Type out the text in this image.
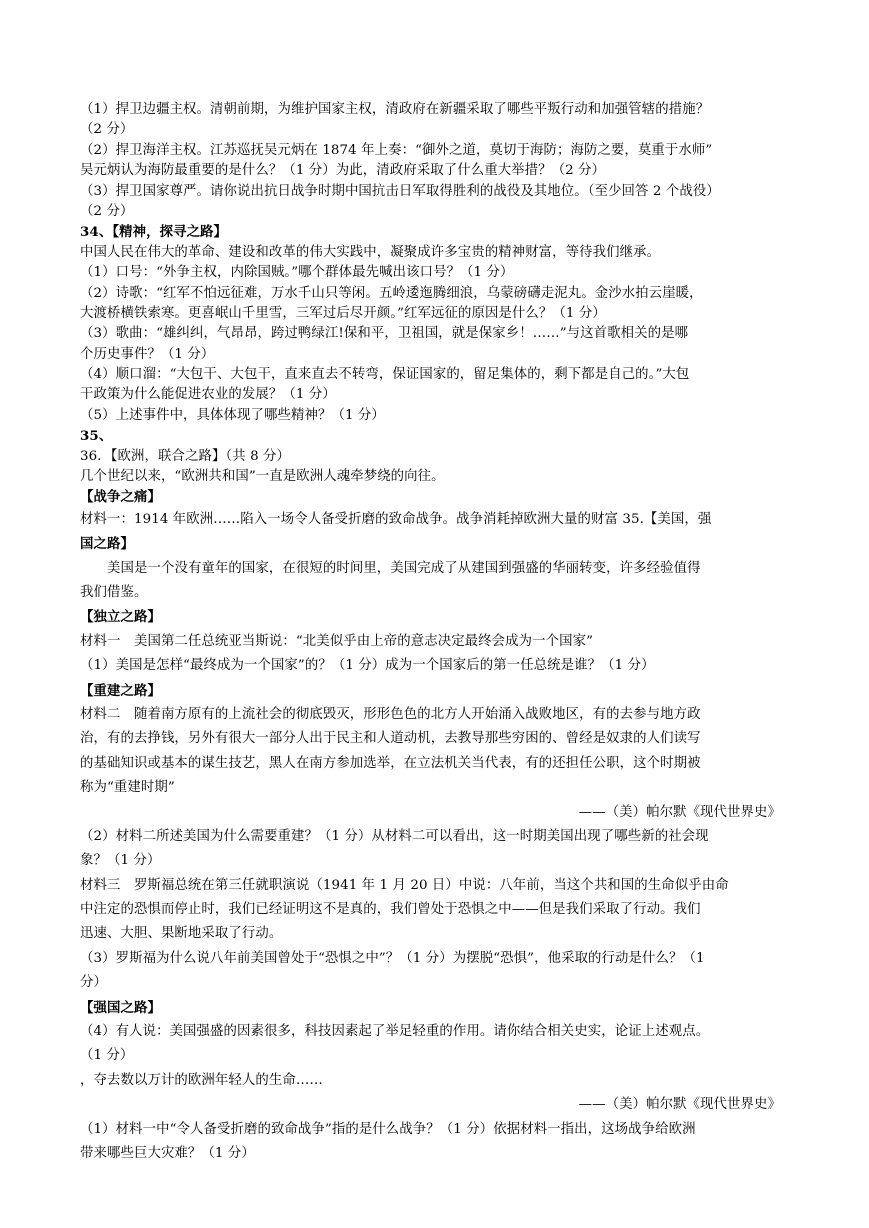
（1）捍卫边疆主权。清朝前期，为维护国家主权，清政府在新疆采取了哪些平叛行动和加强管辖的措施？
（2 分）
（2）捍卫海洋主权。江苏巡抚吴元炳在 1874 年上奏：“御外之道，莫切于海防；海防之要，莫重于水师”
吴元炳认为海防最重要的是什么？（1 分）为此，清政府采取了什么重大举措？（2 分）
（3）捍卫国家尊严。请你说出抗日战争时期中国抗击日军取得胜利的战役及其地位。（至少回答 2 个战役）
（2 分）
34、【精神，探寻之路】
中国人民在伟大的革命、建设和改革的伟大实践中，凝聚成许多宝贵的精神财富，等待我们继承。
（1）口号：“外争主权，内除国贼。”哪个群体最先喊出该口号？（1 分）
（2）诗歌：“红军不怕远征难，万水千山只等闲。五岭逶迤腾细浪，乌蒙磅礴走泥丸。金沙水拍云崖暖，
大渡桥横铁索寒。更喜岷山千里雪，三军过后尽开颜。”红军远征的原因是什么？（1 分）
（3）歌曲：“雄纠纠，气昂昂，跨过鸭绿江!保和平，卫祖国，就是保家乡！……”与这首歌相关的是哪
个历史事件？（1 分）
（4）顺口溜：“大包干、大包干，直来直去不转弯，保证国家的，留足集体的，剩下都是自己的。”大包
干政策为什么能促进农业的发展？（1 分）
（5）上述事件中，具体体现了哪些精神？（1 分）
35、
36．【欧洲，联合之路】（共 8 分）
几个世纪以来，“欧洲共和国”一直是欧洲人魂牵梦绕的向往。
【战争之痛】
材料一：1914 年欧洲……陷入一场令人备受折磨的致命战争。战争消耗掉欧洲大量的财富 35.【美国，强
国之路】
美国是一个没有童年的国家，在很短的时间里，美国完成了从建国到强盛的华丽转变，许多经验值得
我们借鉴。
【独立之路】
材料一　美国第二任总统亚当斯说：“北美似乎由上帝的意志决定最终会成为一个国家”
（1）美国是怎样“最终成为一个国家”的？（1 分）成为一个国家后的第一任总统是谁？（1 分）
【重建之路】
材料二　随着南方原有的上流社会的彻底毁灭，形形色色的北方人开始涌入战败地区，有的去参与地方政
治，有的去挣钱，另外有很大一部分人出于民主和人道动机，去教导那些穷困的、曾经是奴隶的人们读写
的基础知识或基本的谋生技艺，黑人在南方参加选举，在立法机关当代表，有的还担任公职，这个时期被
称为“重建时期”
——（美）帕尔默《现代世界史》
（2）材料二所述美国为什么需要重建？（1 分）从材料二可以看出，这一时期美国出现了哪些新的社会现
象？（1 分）
材料三　罗斯福总统在第三任就职演说（1941 年 1 月 20 日）中说：八年前，当这个共和国的生命似乎由命
中注定的恐惧而停止时，我们已经证明这不是真的，我们曾处于恐惧之中——但是我们采取了行动。我们
迅速、大胆、果断地采取了行动。
（3）罗斯福为什么说八年前美国曾处于“恐惧之中”？（1 分）为摆脱“恐惧”，他采取的行动是什么？（1
分）
【强国之路】
（4）有人说：美国强盛的因素很多，科技因素起了举足轻重的作用。请你结合相关史实，论证上述观点。
（1 分）
，夺去数以万计的欧洲年轻人的生命……
——（美）帕尔默《现代世界史》
（1）材料一中“令人备受折磨的致命战争”指的是什么战争？（1 分）依据材料一指出，这场战争给欧洲
带来哪些巨大灾难？（1 分）
